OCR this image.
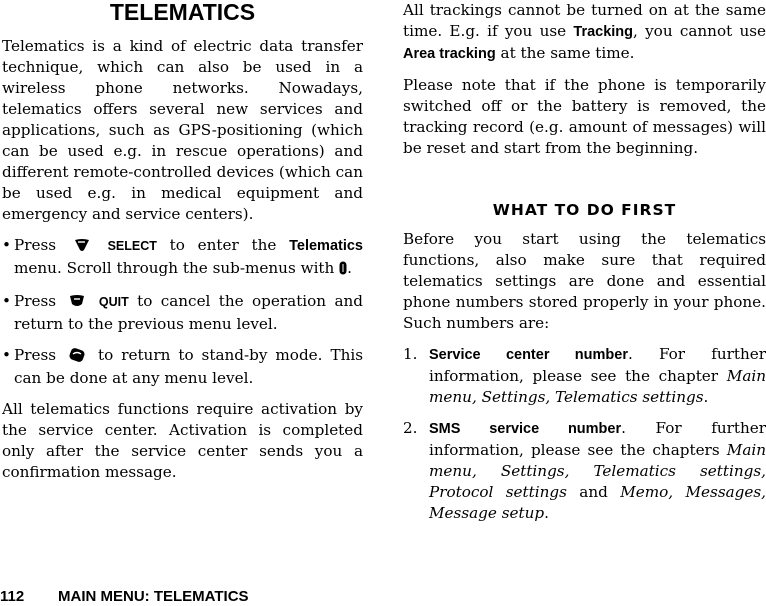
TELEMATICS

Telematics is a kind of electric data transfer technique, which can also be used in a wireless phone networks. Nowadays, telematics offers several new services and applications, such as GPS-positioning (which can be used e.g. in rescue operations) and different remote-controlled devices (which can be used e.g. in medical equipment and emergency and service centers).

• Press	SELECT to enter the Telematics menu. Scroll through the sub-menus with .
• Press	QUIT to cancel the operation and return to the previous menu level.
• Press	to return to stand-by mode. This can be done at any menu level.

All telematics functions require activation by the service center. Activation is completed only after the service center sends you a confirmation message.

All trackings cannot be turned on at the same time. E.g. if you use Tracking, you cannot use Area tracking at the same time.

Please note that if the phone is temporarily switched off or the battery is removed, the tracking record (e.g. amount of messages) will be reset and start from the beginning.

WHAT TO DO FIRST

Before you start using the telematics functions, also make sure that required telematics settings are done and essential phone numbers stored properly in your phone. Such numbers are:

1. Service center number. For further information, please see the chapter Main menu, Settings, Telematics settings.
2. SMS service number. For further information, please see the chapters Main menu, Settings, Telematics settings, Protocol settings and Memo, Messages, Message setup.
112 MAIN MENU: TELEMATICS
